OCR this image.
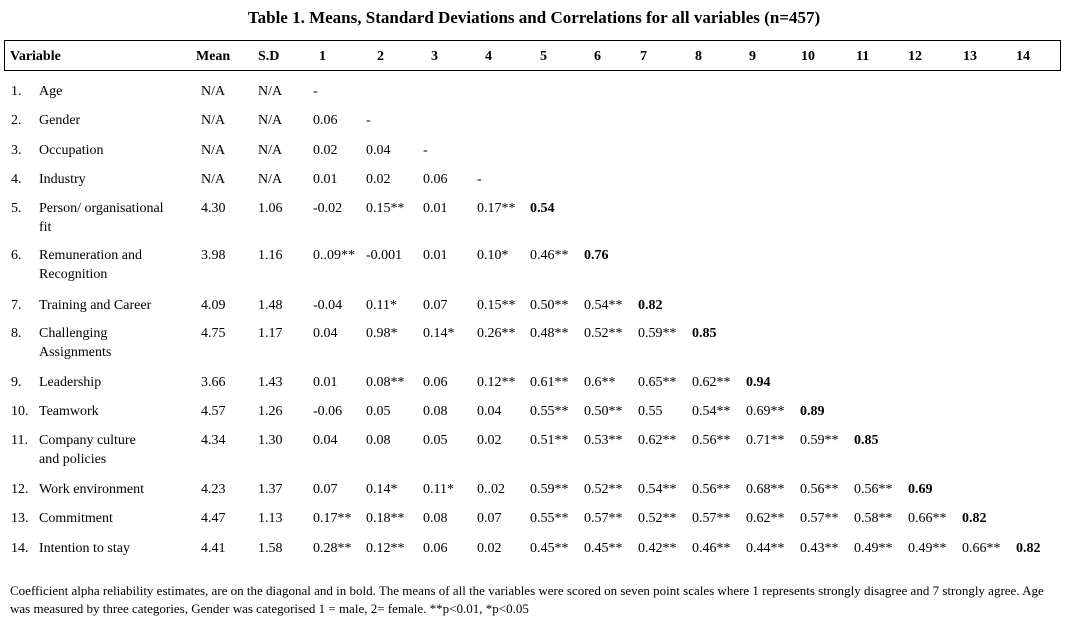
Table 1. Means, Standard Deviations and Correlations for all variables (n=457)
Variable	Mean S.D	1	2	3	4	5	6	7	8	9	10	11	12	13	14
1. Age	N/A N/A -
2. Gender	N/A N/A 0.06 -
3. Occupation	N/A N/A 0.02 0.04 -
4. Industry	N/A N/A 0.01 0.02 0.06 -
5. Person/ organisational
fit
4.30 1.06 -0.02 0.15** 0.01 0.17** 0.54
6. Remuneration and
Recognition
3.98 1.16 0..09** -0.001 0.01 0.10* 0.46** 0.76
7. Training and Career	4.09 1.48 -0.04 0.11* 0.07 0.15** 0.50** 0.54** 0.82
8. Challenging
Assignments
4.75 1.17 0.04 0.98* 0.14* 0.26** 0.48** 0.52** 0.59** 0.85
9. Leadership	3.66 1.43 0.01 0.08** 0.06 0.12** 0.61** 0.6** 0.65** 0.62** 0.94
10. Teamwork	4.57 1.26 -0.06 0.05 0.08 0.04 0.55** 0.50** 0.55 0.54** 0.69** 0.89
11. Company culture
and policies
4.34 1.30 0.04 0.08 0.05 0.02 0.51** 0.53** 0.62** 0.56** 0.71** 0.59** 0.85
12. Work environment	4.23 1.37 0.07 0.14* 0.11* 0..02 0.59** 0.52** 0.54** 0.56** 0.68** 0.56** 0.56** 0.69
13. Commitment	4.47 1.13 0.17** 0.18** 0.08 0.07 0.55** 0.57** 0.52** 0.57** 0.62** 0.57** 0.58** 0.66** 0.82
14. Intention to stay	4.41 1.58 0.28** 0.12** 0.06 0.02 0.45** 0.45** 0.42** 0.46** 0.44** 0.43** 0.49** 0.49** 0.66** 0.82
Coefficient alpha reliability estimates, are on the diagonal and in bold. The means of all the variables were scored on seven point scales where 1 represents strongly disagree and 7 strongly agree. Age was measured by three categories, Gender was categorised 1 = male, 2= female. **p<0.01, *p<0.05
